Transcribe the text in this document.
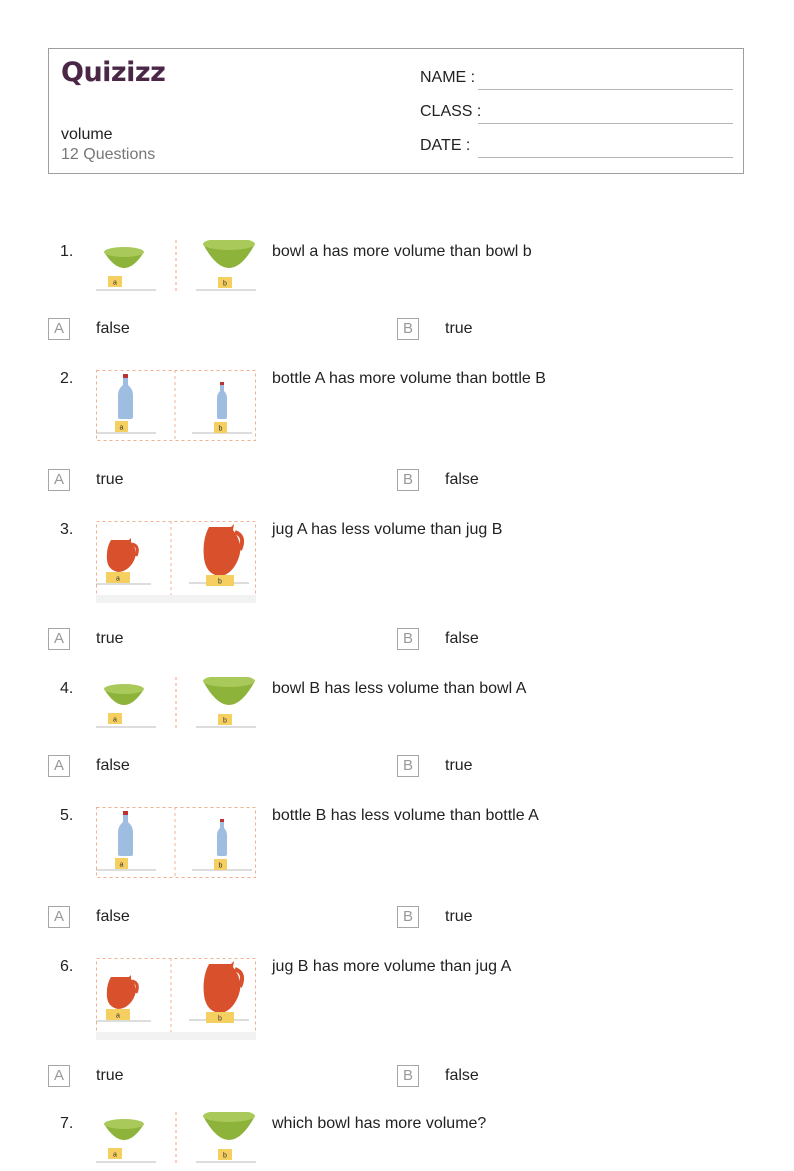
Quizizz
volume
12 Questions
NAME :
CLASS :
DATE :
1.
a	b
bowl a has more volume than bowl b
A	false	B	true
2.
a	b
bottle A has more volume than bottle B
A	true	B	false
3.
a	b
jug A has less volume than jug B
A	true	B	false
4.
a	b
bowl B has less volume than bowl A
A	false	B	true
5.
a	b
bottle B has less volume than bottle A
A	false	B	true
6.
a	b
jug B has more volume than jug A
A	true	B	false
7.
a	b
which bowl has more volume?
